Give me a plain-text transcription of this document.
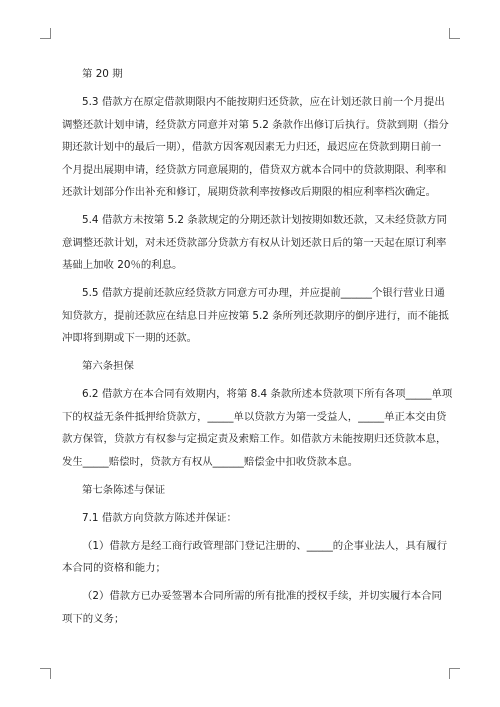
第 20 期
5.3 借款方在原定借款期限内不能按期归还贷款，应在计划还款日前一个月提出
调整还款计划申请，经贷款方同意并对第 5.2 条款作出修订后执行。贷款到期（指分
期还款计划中的最后一期），借款方因客观因素无力归还，最迟应在贷款到期日前一
个月提出展期申请，经贷款方同意展期的，借贷双方就本合同中的贷款期限、利率和
还款计划部分作出补充和修订，展期贷款利率按修改后期限的相应利率档次确定。
5.4 借款方未按第 5.2 条款规定的分期还款计划按期如数还款，又未经贷款方同
意调整还款计划，对未还贷款部分贷款方有权从计划还款日后的第一天起在原订利率
基础上加收 20％的利息。
5.5 借款方提前还款应经贷款方同意方可办理，并应提前______个银行营业日通
知贷款方，提前还款应在结息日并应按第 5.2 条所列还款期序的倒序进行，而不能抵
冲即将到期或下一期的还款。
第六条担保
6.2 借款方在本合同有效期内，将第 8.4 条款所述本贷款项下所有各项_____单项
下的权益无条件抵押给贷款方，_____单以贷款方为第一受益人，_____单正本交由贷
款方保管，贷款方有权参与定损定责及索赔工作。如借款方未能按期归还贷款本息，
发生_____赔偿时，贷款方有权从______赔偿金中扣收贷款本息。
第七条陈述与保证
7.1 借款方向贷款方陈述并保证：
（1）借款方是经工商行政管理部门登记注册的、_____的企事业法人，具有履行
本合同的资格和能力；
（2）借款方已办妥签署本合同所需的所有批准的授权手续，并切实履行本合同
项下的义务；
